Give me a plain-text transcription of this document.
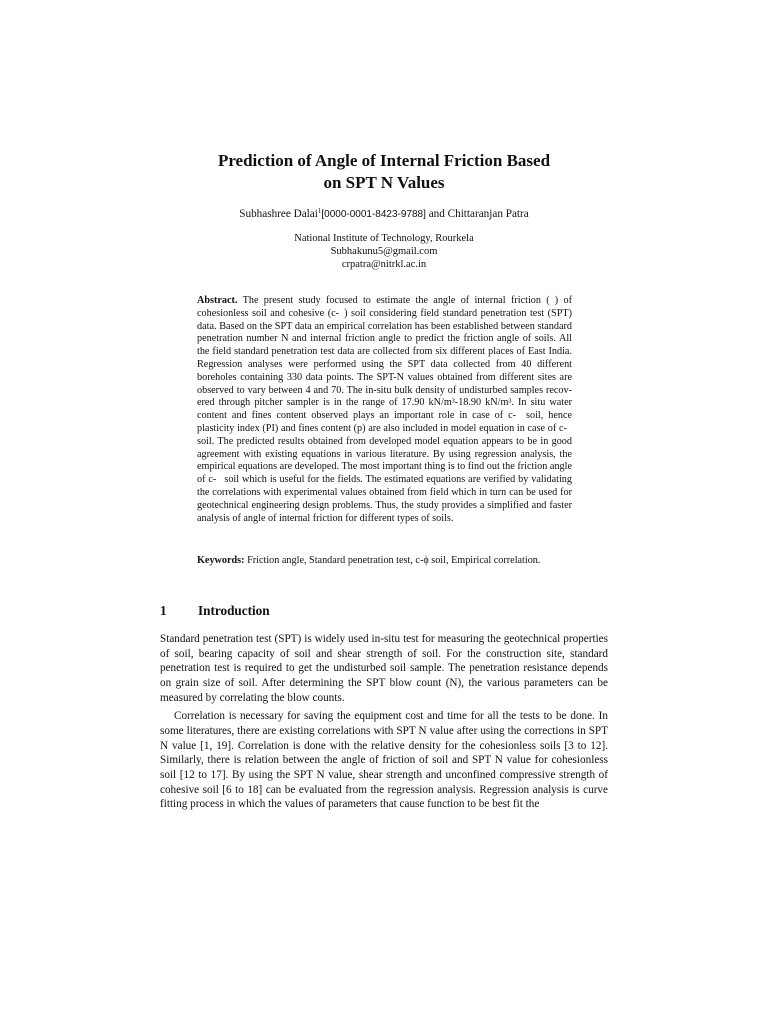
Prediction of Angle of Internal Friction Based
on SPT N Values
Subhashree Dalai$^1$[0000-0001-8423-9788] and Chittaranjan Patra
National Institute of Technology, Rourkela
Subhakunu5@gmail.com
crpatra@nitrkl.ac.in
Abstract. The present study focused to estimate the angle of internal friction ( ) of cohesionless soil and cohesive (c- ) soil considering field standard penetration test (SPT) data. Based on the SPT data an empirical correlation has been established between standard penetration number N and internal friction angle to predict the friction angle of soils. All the field standard penetration test data are collected from six different places of East India. Regression analyses were performed using the SPT data collected from 40 different boreholes containing 330 data points. The SPT-N values obtained from different sites are observed to vary between 4 and 70. The in-situ bulk density of undisturbed samples recovered through pitcher sampler is in the range of 17.90 kN/m³-18.90 kN/m³. In situ water content and fines content observed plays an important role in case of c-  soil, hence plasticity index (PI) and fines content (p) are also included in model equation in case of c-  soil. The predicted results obtained from developed model equation appears to be in good agreement with existing equations in various literature. By using regression analysis, the empirical equations are developed. The most important thing is to find out the friction angle of c-  soil which is useful for the fields. The estimated equations are verified by validating the correlations with experimental values obtained from field which in turn can be used for geotechnical engineering design problems. Thus, the study provides a simplified and faster analysis of angle of internal friction for different types of soils.
Keywords: Friction angle, Standard penetration test, c-ϕ soil, Empirical correlation.
1 Introduction

Standard penetration test (SPT) is widely used in-situ test for measuring the geotechnical properties of soil, bearing capacity of soil and shear strength of soil. For the construction site, standard penetration test is required to get the undisturbed soil sample. The penetration resistance depends on grain size of soil. After determining the SPT blow count (N), the various parameters can be measured by correlating the blow counts.

Correlation is necessary for saving the equipment cost and time for all the tests to be done. In some literatures, there are existing correlations with SPT N value after using the corrections in SPT N value [1, 19]. Correlation is done with the relative density for the cohesionless soils [3 to 12]. Similarly, there is relation between the angle of friction of soil and SPT N value for cohesionless soil [12 to 17]. By using the SPT N value, shear strength and unconfined compressive strength of cohesive soil [6 to 18] can be evaluated from the regression analysis. Regression analysis is curve fitting process in which the values of parameters that cause function to be best fit the
